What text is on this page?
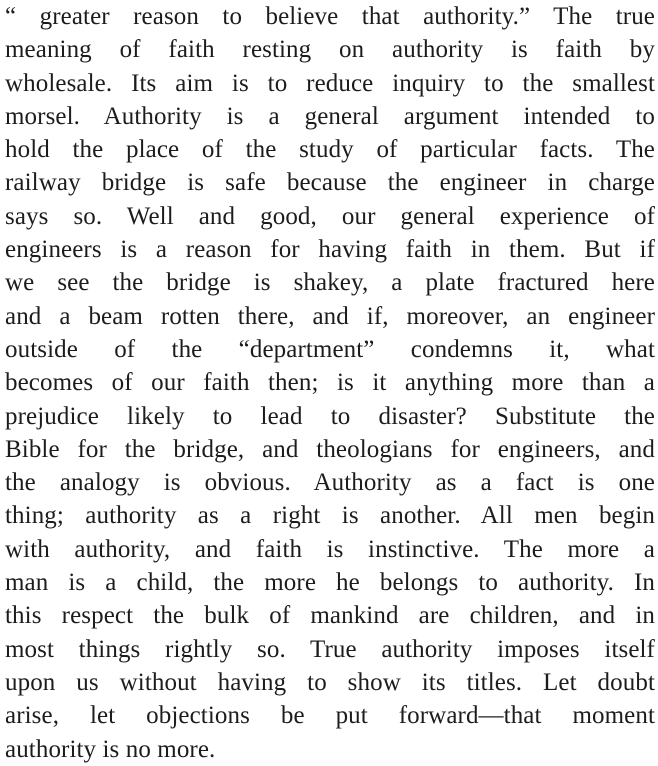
“ greater reason to believe that authority.” The true
meaning of faith resting on authority is faith by
wholesale. Its aim is to reduce inquiry to the smallest
morsel. Authority is a general argument intended to
hold the place of the study of particular facts. The
railway bridge is safe because the engineer in charge
says so. Well and good, our general experience of
engineers is a reason for having faith in them. But if
we see the bridge is shakey, a plate fractured here
and a beam rotten there, and if, moreover, an engineer
outside of the “department” condemns it, what
becomes of our faith then; is it anything more than a
prejudice likely to lead to disaster? Substitute the
Bible for the bridge, and theologians for engineers, and
the analogy is obvious. Authority as a fact is one
thing; authority as a right is another. All men begin
with authority, and faith is instinctive. The more a
man is a child, the more he belongs to authority. In
this respect the bulk of mankind are children, and in
most things rightly so. True authority imposes itself
upon us without having to show its titles. Let doubt
arise, let objections be put forward—that moment
authority is no more.
